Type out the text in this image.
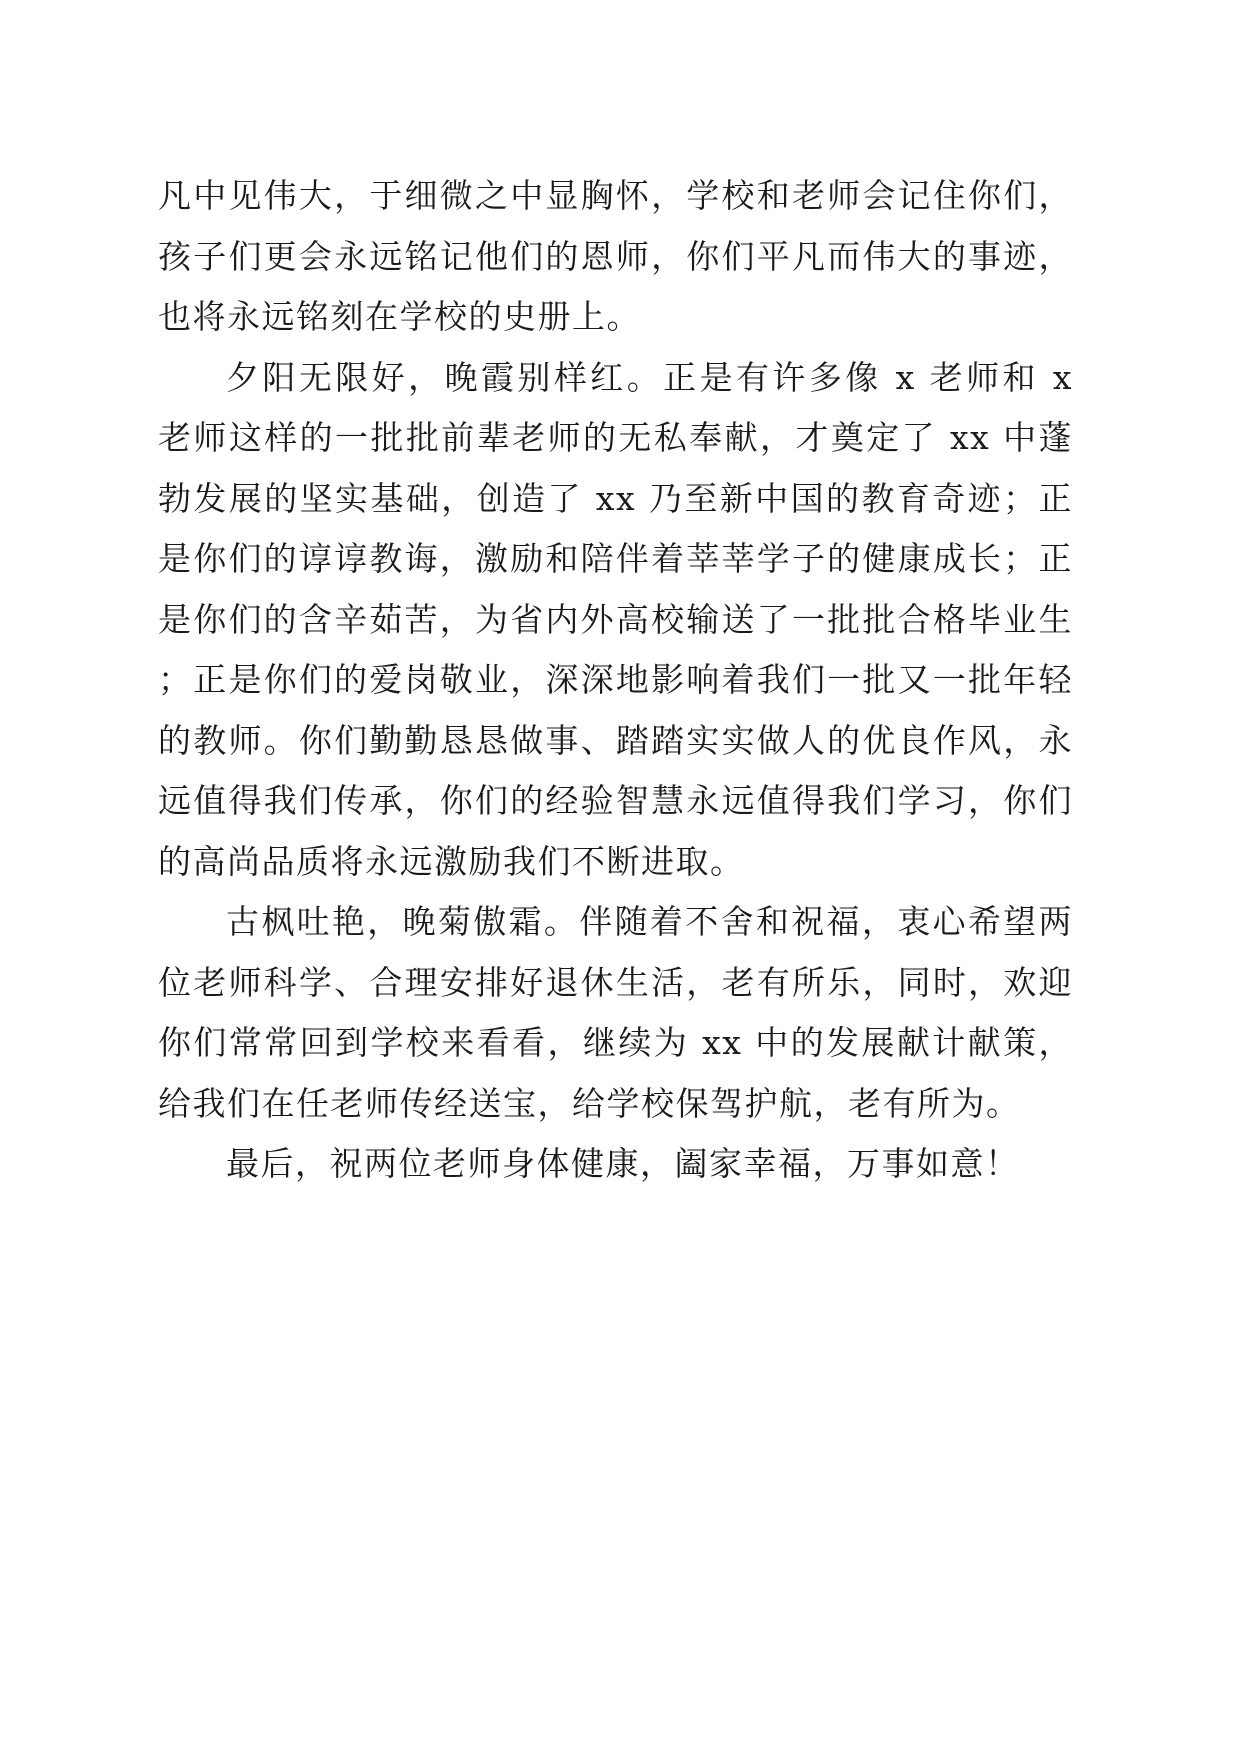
凡中见伟大，于细微之中显胸怀，学校和老师会记住你们，孩子们更会永远铭记他们的恩师，你们平凡而伟大的事迹，也将永远铭刻在学校的史册上。

夕阳无限好，晚霞别样红。正是有许多像 x 老师和 x 老师这样的一批批前辈老师的无私奉献，才奠定了 xx 中蓬勃发展的坚实基础，创造了 xx 乃至新中国的教育奇迹；正是你们的谆谆教诲，激励和陪伴着莘莘学子的健康成长；正是你们的含辛茹苦，为省内外高校输送了一批批合格毕业生；正是你们的爱岗敬业，深深地影响着我们一批又一批年轻的教师。你们勤勤恳恳做事、踏踏实实做人的优良作风，永远值得我们传承，你们的经验智慧永远值得我们学习，你们的高尚品质将永远激励我们不断进取。

古枫吐艳，晚菊傲霜。伴随着不舍和祝福，衷心希望两位老师科学、合理安排好退休生活，老有所乐，同时，欢迎你们常常回到学校来看看，继续为 xx 中的发展献计献策，给我们在任老师传经送宝，给学校保驾护航，老有所为。

最后，祝两位老师身体健康，阖家幸福，万事如意！
